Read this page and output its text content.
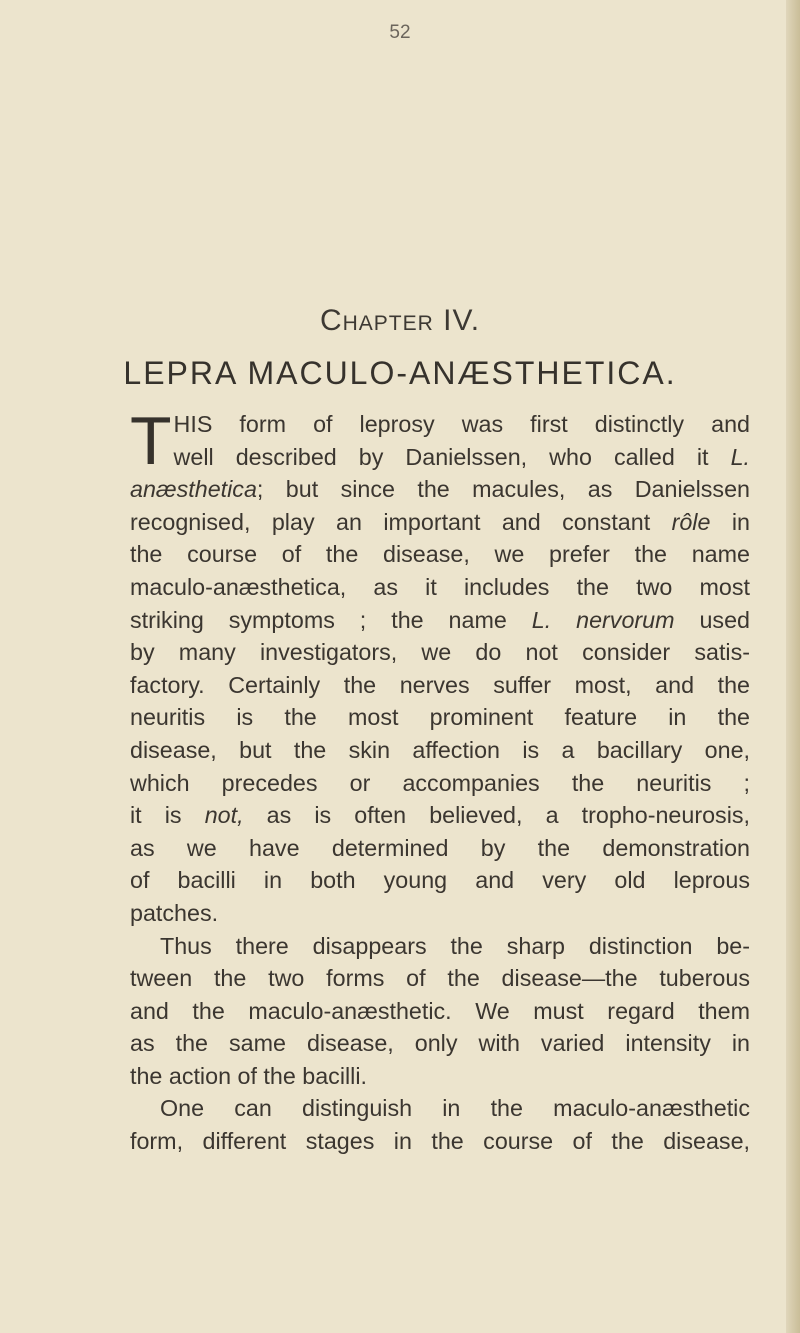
52
Chapter IV.
LEPRA MACULO-ANÆSTHETICA.
T HIS form of leprosy was first distinctly and
well described by Danielssen, who called it L.
anæsthetica; but since the macules, as Danielssen
recognised, play an important and constant rôle in
the course of the disease, we prefer the name
maculo-anæsthetica, as it includes the two most
striking symptoms ; the name L. nervorum used
by many investigators, we do not consider satis-
factory. Certainly the nerves suffer most, and the
neuritis is the most prominent feature in the
disease, but the skin affection is a bacillary one,
which precedes or accompanies the neuritis ;
it is not, as is often believed, a tropho-neurosis,
as we have determined by the demonstration
of bacilli in both young and very old leprous
patches.
Thus there disappears the sharp distinction be-
tween the two forms of the disease—the tuberous
and the maculo-anæsthetic. We must regard them
as the same disease, only with varied intensity in
the action of the bacilli.
One can distinguish in the maculo-anæsthetic
form, different stages in the course of the disease,
